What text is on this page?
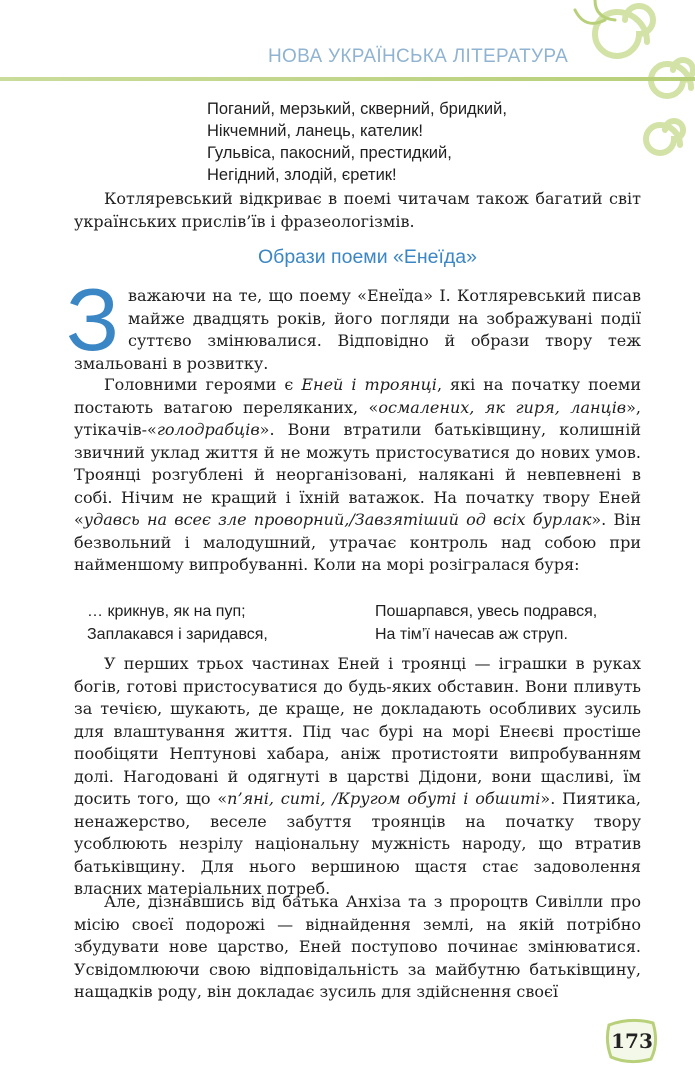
НОВА УКРАЇНСЬКА ЛІТЕРАТУРА
Поганий, мерзький, скверний, бридкий,
Нікчемний, ланець, кателик!
Гульвіса, пакосний, престидкий,
Негідний, злодій, єретик!

Котляревський відкриває в поемі читачам також багатий світ українських прислів’їв і фразеологізмів.

Образи поеми «Енеїда»
З важаючи на те, що поему «Енеїда» І. Котляревський писав майже двадцять років, його погляди на зображувані події суттєво змінювалися. Відповідно й образи твору теж змальовані в розвитку.

Головними героями є Еней і троянці, які на початку поеми постають ватагою переляканих, «осмалених, як гиря, ланців», утікачів-«голодрабців». Вони втратили батьківщину, колишній звичний уклад життя й не можуть пристосуватися до нових умов. Троянці розгублені й неорганізовані, налякані й невпевнені в собі. Нічим не кращий і їхній ватажок. На початку твору Еней «удавсь на всеє зле проворний,/Завзятіший од всіх бурлак». Він безвольний і малодушний, утрачає контроль над собою при найменшому випробуванні. Коли на морі розігралася буря:

… крикнув, як на пуп;
Заплакався і зaридався,
Пошарпався, увесь подрався,
На тім’ї начесав аж струп.

У перших трьох частинах Еней і троянці — іграшки в руках богів, готові пристосуватися до будь-яких обставин. Вони пливуть за течією, шукають, де краще, не докладають особливих зусиль для влаштування життя. Під час бурі на морі Енеєві простіше пообіцяти Нептунові хабара, аніж протистояти випробуванням долі. Нагодовані й одягнуті в царстві Дідони, вони щасливі, їм досить того, що «п’яні, ситі, /Кругом обуті і обшиті». Пиятика, ненажерство, веселе забуття троянців на початку твору усоблюють незрілу національну мужність народу, що втратив батьківщину. Для нього вершиною щастя стає задоволення власних матеріальних потреб.

Але, дізнавшись від батька Анхіза та з пророцтв Сивілли про місію своєї подорожі — віднайдення землі, на якій потрібно збудувати нове царство, Еней поступово починає змінюватися. Усвідомлюючи свою відповідальність за майбутню батьківщину, нащадків роду, він докладає зусиль для здійснення своєї

173
